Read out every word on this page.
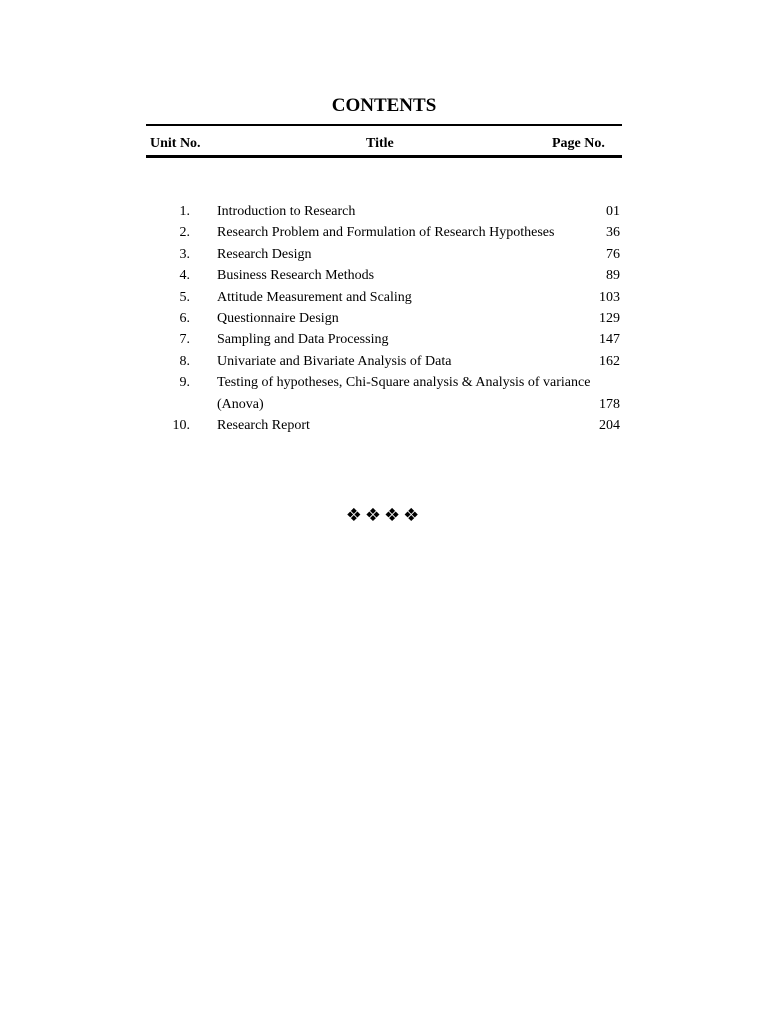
CONTENTS
Unit No.	Title	Page No.
1. Introduction to Research	01
2. Research Problem and Formulation of Research Hypotheses	36
3. Research Design	76
4. Business Research Methods	89
5. Attitude Measurement and Scaling	103
6. Questionnaire Design	129
7. Sampling and Data Processing	147
8. Univariate and Bivariate Analysis of Data	162
9. Testing of hypotheses, Chi-Square analysis & Analysis of variance (Anova)	178
10. Research Report	204
❖❖❖❖
